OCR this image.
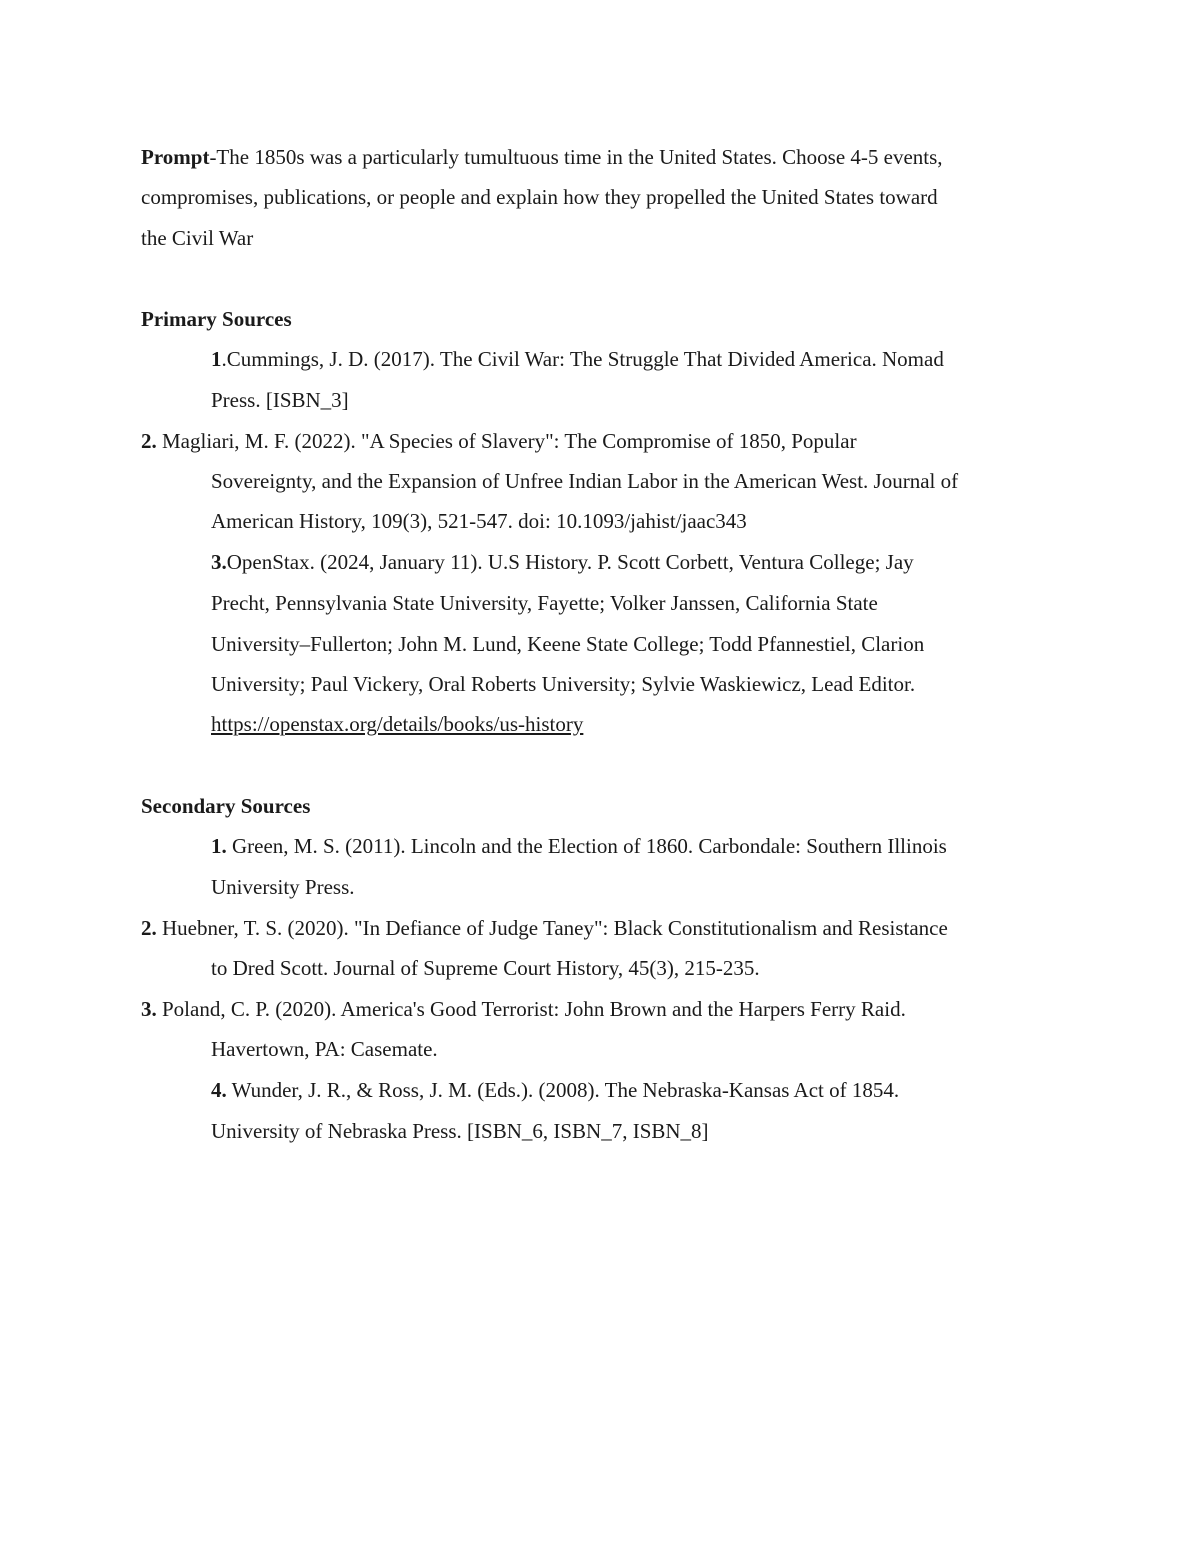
Prompt-The 1850s was a particularly tumultuous time in the United States. Choose 4-5 events,
compromises, publications, or people and explain how they propelled the United States toward
the Civil War
Primary Sources
1.Cummings, J. D. (2017). The Civil War: The Struggle That Divided America. Nomad
Press. [ISBN_3]
2. Magliari, M. F. (2022). "A Species of Slavery": The Compromise of 1850, Popular
Sovereignty, and the Expansion of Unfree Indian Labor in the American West. Journal of
American History, 109(3), 521-547. doi: 10.1093/jahist/jaac343
3.OpenStax. (2024, January 11). U.S History. P. Scott Corbett, Ventura College; Jay
Precht, Pennsylvania State University, Fayette; Volker Janssen, California State
University–Fullerton; John M. Lund, Keene State College; Todd Pfannestiel, Clarion
University; Paul Vickery, Oral Roberts University; Sylvie Waskiewicz, Lead Editor.
https://openstax.org/details/books/us-history
Secondary Sources
1. Green, M. S. (2011). Lincoln and the Election of 1860. Carbondale: Southern Illinois
University Press.
2. Huebner, T. S. (2020). "In Defiance of Judge Taney": Black Constitutionalism and Resistance
to Dred Scott. Journal of Supreme Court History, 45(3), 215-235.
3. Poland, C. P. (2020). America's Good Terrorist: John Brown and the Harpers Ferry Raid.
Havertown, PA: Casemate.
4. Wunder, J. R., & Ross, J. M. (Eds.). (2008). The Nebraska-Kansas Act of 1854.
University of Nebraska Press. [ISBN_6, ISBN_7, ISBN_8]
